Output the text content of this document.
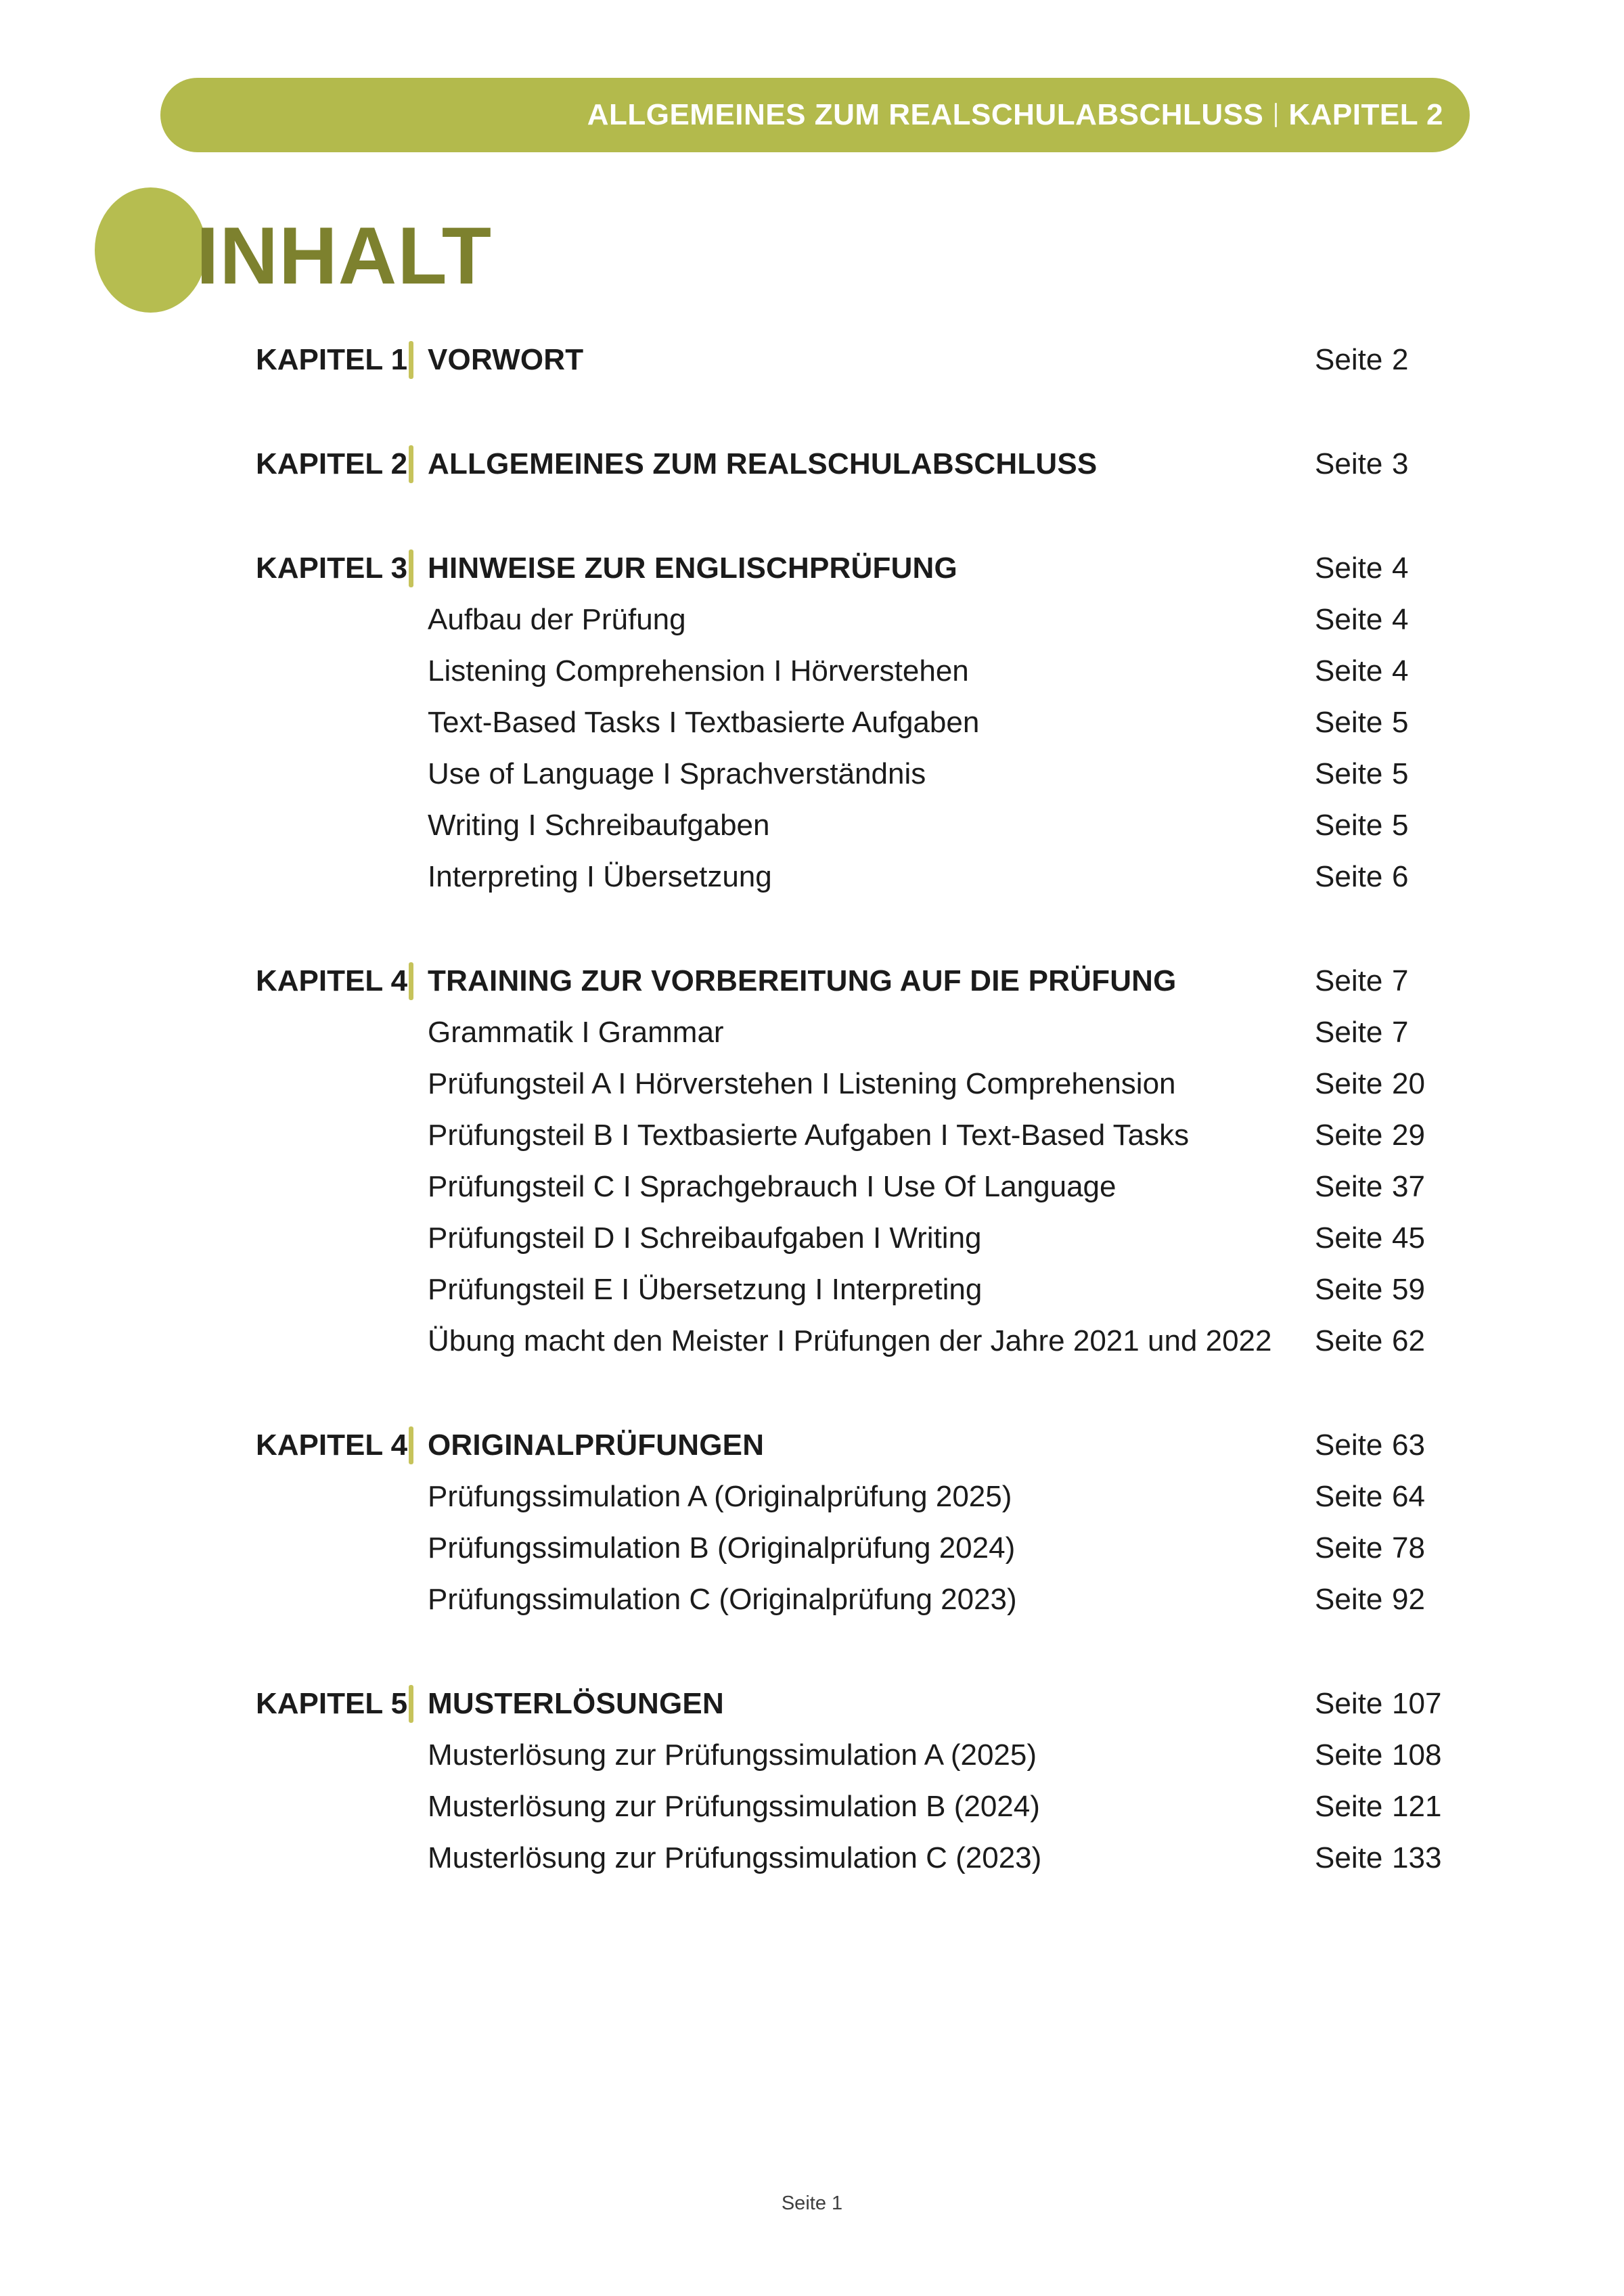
ALLGEMEINES ZUM REALSCHULABSCHLUSS KAPITEL 2
INHALT
KAPITEL 1 VORWORT	Seite 2
KAPITEL 2 ALLGEMEINES ZUM REALSCHULABSCHLUSS	Seite 3
KAPITEL 3 HINWEISE ZUR ENGLISCHPRÜFUNG	Seite 4
Aufbau der Prüfung	Seite 4
Listening Comprehension I Hörverstehen	Seite 4
Text-Based Tasks I Textbasierte Aufgaben	Seite 5
Use of Language I Sprachverständnis	Seite 5
Writing I Schreibaufgaben	Seite 5
Interpreting I Übersetzung	Seite 6
KAPITEL 4 TRAINING ZUR VORBEREITUNG AUF DIE PRÜFUNG	Seite 7
Grammatik I Grammar	Seite 7
Prüfungsteil A I Hörverstehen I Listening Comprehension	Seite 20
Prüfungsteil B I Textbasierte Aufgaben I Text-Based Tasks	Seite 29
Prüfungsteil C I Sprachgebrauch I Use Of Language	Seite 37
Prüfungsteil D I Schreibaufgaben I Writing	Seite 45
Prüfungsteil E I Übersetzung I Interpreting	Seite 59
Übung macht den Meister I Prüfungen der Jahre 2021 und 2022 Seite 62
KAPITEL 4 ORIGINALPRÜFUNGEN	Seite 63
Prüfungssimulation A (Originalprüfung 2025)	Seite 64
Prüfungssimulation B (Originalprüfung 2024)	Seite 78
Prüfungssimulation C (Originalprüfung 2023)	Seite 92
KAPITEL 5 MUSTERLÖSUNGEN	Seite 107
Musterlösung zur Prüfungssimulation A (2025)	Seite 108
Musterlösung zur Prüfungssimulation B (2024)	Seite 121
Musterlösung zur Prüfungssimulation C (2023)	Seite 133
Seite 1
